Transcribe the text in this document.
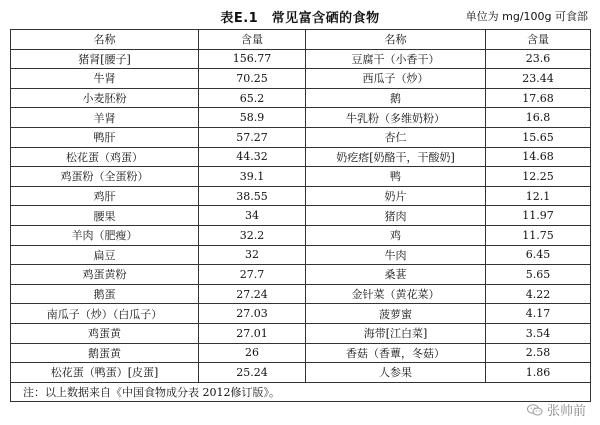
表E.1　常见富含硒的食物	单位为 mg/100g 可食部
名称	含量	名称	含量
猪肾[腰子]	156.77	豆腐干（小香干）	23.6
牛肾	70.25	西瓜子（炒）	23.44
小麦胚粉	65.2	鹅	17.68
羊肾	58.9	牛乳粉（多维奶粉）	16.8
鸭肝	57.27	杏仁	15.65
松花蛋（鸡蛋）	44.32	奶疙瘩[奶酪干，干酸奶]	14.68
鸡蛋粉（全蛋粉）	39.1	鸭	12.25
鸡肝	38.55	奶片	12.1
腰果	34	猪肉	11.97
羊肉（肥瘦）	32.2	鸡	11.75
扁豆	32	牛肉	6.45
鸡蛋黄粉	27.7	桑葚	5.65
鹅蛋	27.24	金针菜（黄花菜）	4.22
南瓜子（炒）（白瓜子）	27.03	菠萝蜜	4.17
鸡蛋黄	27.01	海带[江白菜]	3.54
鹅蛋黄	26	香菇（香蕈，冬菇）	2.58
松花蛋（鸭蛋）[皮蛋]	25.24	人参果	1.86
注：以上数据来自《中国食物成分表 2012修订版》。			
张帅前
